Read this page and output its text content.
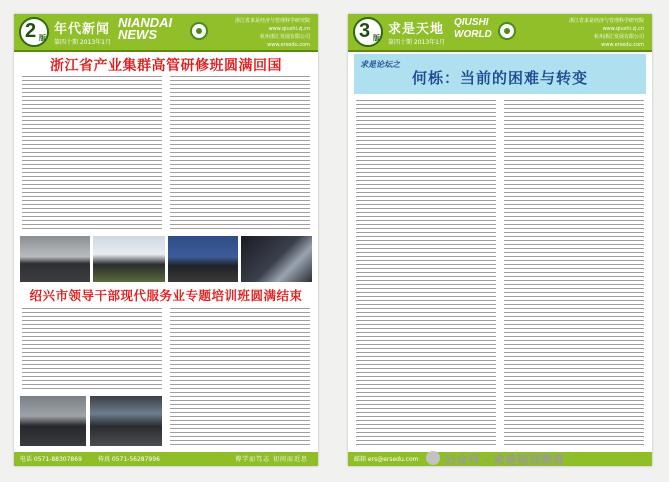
2 版
年代新闻 NIANDAI NEWS
第四十期 2013年1月
浙江省求是经济与管理科学研究院
www.qiushi.zj.cn
杭州浙汇发展有限公司
www.ersedu.com
浙江省产业集群高管研修班圆满回国
绍兴市领导干部现代服务业专题培训班圆满结束
电话 0571-88307869	传真 0571-56287996	博学而笃志 切问而近思
3 版
求是天地 QIUSHI WORLD
第四十期 2013年1月
浙江省求是经济与管理科学研究院
www.qiushi.zj.cn
杭州浙汇发展有限公司
www.ersedu.com
求是论坛之
何栎：当前的困难与转变
邮箱 ers@ersedu.com 公众号 · 求是培训教育
